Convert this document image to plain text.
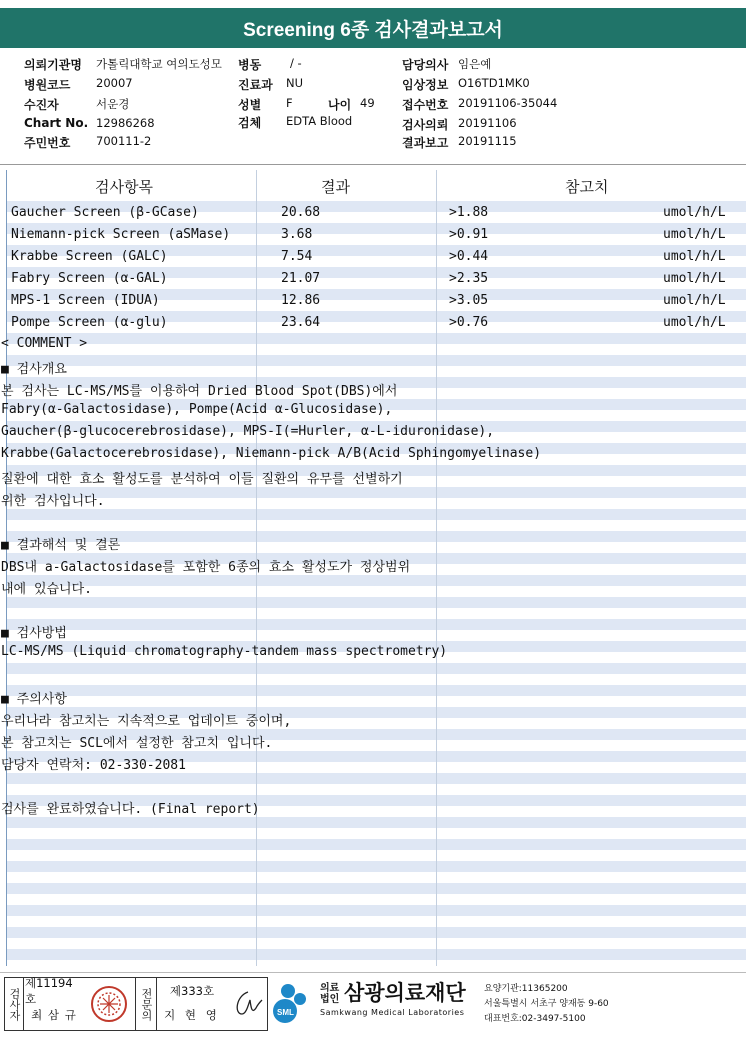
Screening 6종 검사결과보고서
의뢰기관명 가톨릭대학교 여의도성모 병동	/ -
병원코드 20007	진료과 NU
수진자	서운경	성별 F	나이 49
Chart No. 12986268	검체 EDTA Blood
주민번호 700111-2
담당의사 임은예
임상정보 O16TD1MK0
접수번호 20191106-35044
검사의뢰 20191106
결과보고 20191115
검사항목	결과	참고치
Gaucher Screen (β-GCase)	20.68	>1.88	umol/h/L
Niemann-pick Screen (aSMase)	3.68	>0.91	umol/h/L
Krabbe Screen (GALC)	7.54	>0.44	umol/h/L
Fabry Screen (α-GAL)	21.07	>2.35	umol/h/L
MPS-1 Screen (IDUA)	12.86	>3.05	umol/h/L
Pompe Screen (α-glu)	23.64	>0.76	umol/h/L
< COMMENT >
■ 검사개요
본 검사는 LC-MS/MS를 이용하여 Dried Blood Spot(DBS)에서
Fabry(α-Galactosidase), Pompe(Acid α-Glucosidase),
Gaucher(β-glucocerebrosidase), MPS-I(=Hurler, α-L-iduronidase),
Krabbe(Galactocerebrosidase), Niemann-pick A/B(Acid Sphingomyelinase)
질환에 대한 효소 활성도를 분석하여 이들 질환의 유무를 선별하기
위한 검사입니다.
■ 결과해석 및 결론
DBS내 a-Galactosidase를 포함한 6종의 효소 활성도가 정상범위
내에 있습니다.
■ 검사방법
LC-MS/MS (Liquid chromatography-tandem mass spectrometry)
■ 주의사항
우리나라 참고치는 지속적으로 업데이트 중이며,
본 참고치는 SCL에서 설정한 참고치 입니다.
담당자 연락처: 02-330-2081
검사를 완료하였습니다. (Final report)
검사자
제11194호
최 삼 규	전문의	제333호
지 현 영	SML
의료법인 삼광의료재단
Samkwang Medical Laboratories
요양기관:11365200
서울특별시 서초구 양재동 9-60
대표번호:02-3497-5100
